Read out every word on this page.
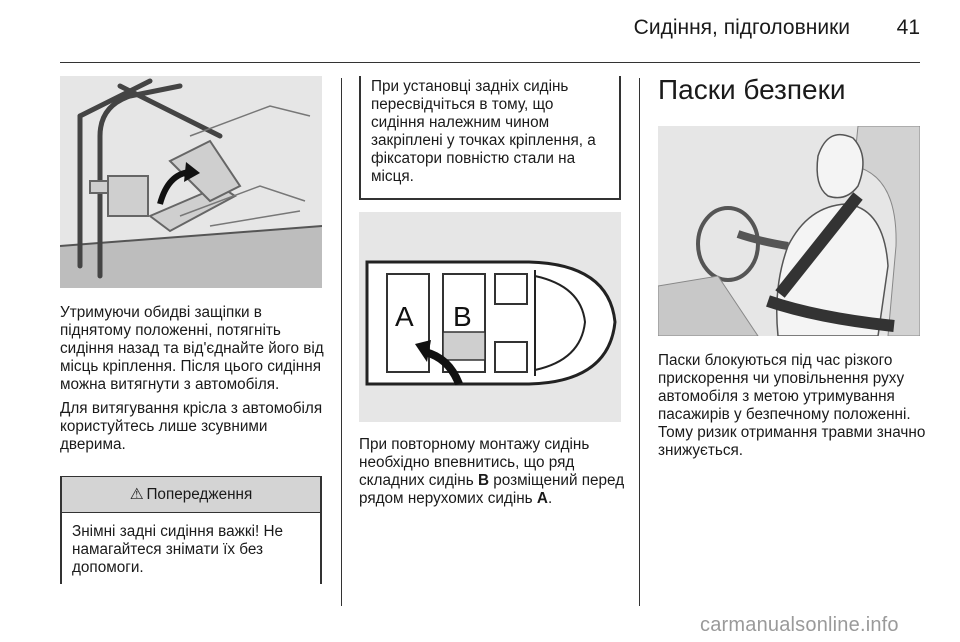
Сидіння, підголовники	41

Утримуючи обидві защіпки в піднятому положенні, потягніть сидіння назад та від'єднайте його від місць кріплення. Після цього сидіння можна витягнути з автомобіля.

Для витягування крісла з автомобіля користуйтесь лише зсувними дверима.

⚠ Попередження
Знімні задні сидіння важкі! Не намагайтеся знімати їх без допомоги.
При установці задніх сидінь пересвідчіться в тому, що сидіння належним чином закріплені у точках кріплення, а фіксатори повністю стали на місця.
A B

При повторному монтажу сидінь необхідно впевнитись, що ряд складних сидінь B розміщений перед рядом нерухомих сидінь A.

Паски безпеки

Паски блокуються під час різкого прискорення чи уповільнення руху автомобіля з метою утримування пасажирів у безпечному положенні. Тому ризик отримання травми значно знижується.

carmanualsonline.info
